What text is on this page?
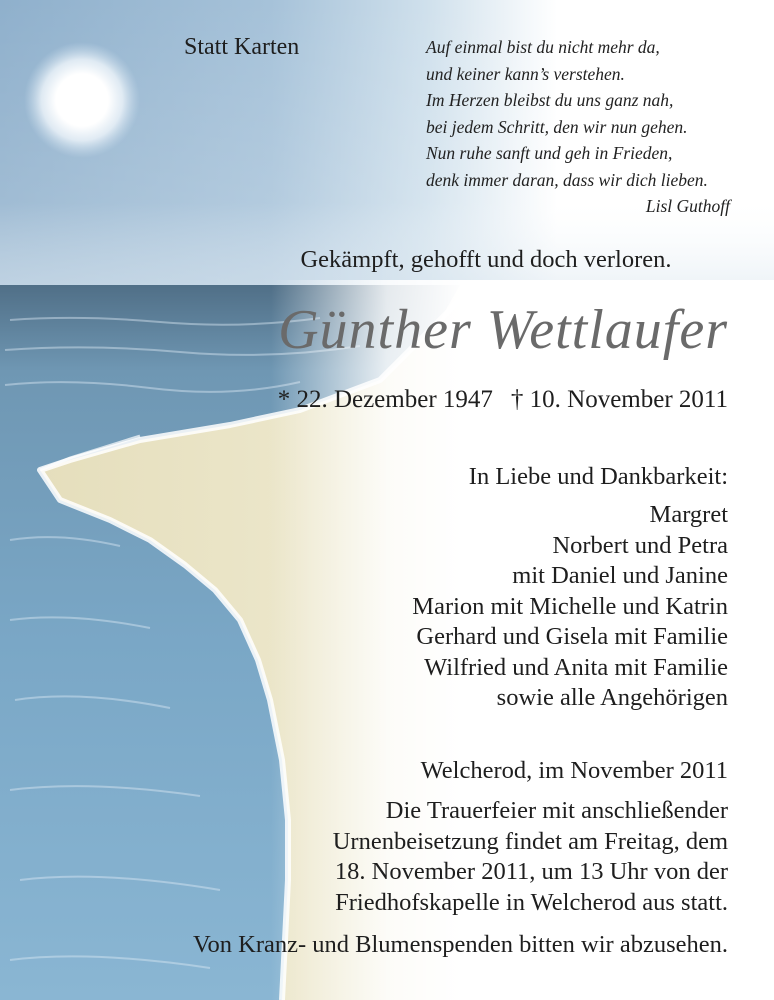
Statt Karten	Auf einmal bist du nicht mehr da,
und keiner kann’s verstehen.
Im Herzen bleibst du uns ganz nah,
bei jedem Schritt, den wir nun gehen.
Nun ruhe sanft und geh in Frieden,
denk immer daran, dass wir dich lieben.
Lisl Guthoff
Gekämpft, gehofft und doch verloren.
Günther Wettlaufer
* 22. Dezember 1947 † 10. November 2011
In Liebe und Dankbarkeit:
Margret
Norbert und Petra
mit Daniel und Janine
Marion mit Michelle und Katrin
Gerhard und Gisela mit Familie
Wilfried und Anita mit Familie
sowie alle Angehörigen
Welcherod, im November 2011
Die Trauerfeier mit anschließender
Urnenbeisetzung findet am Freitag, dem
18. November 2011, um 13 Uhr von der
Friedhofskapelle in Welcherod aus statt.
Von Kranz- und Blumenspenden bitten wir abzusehen.
